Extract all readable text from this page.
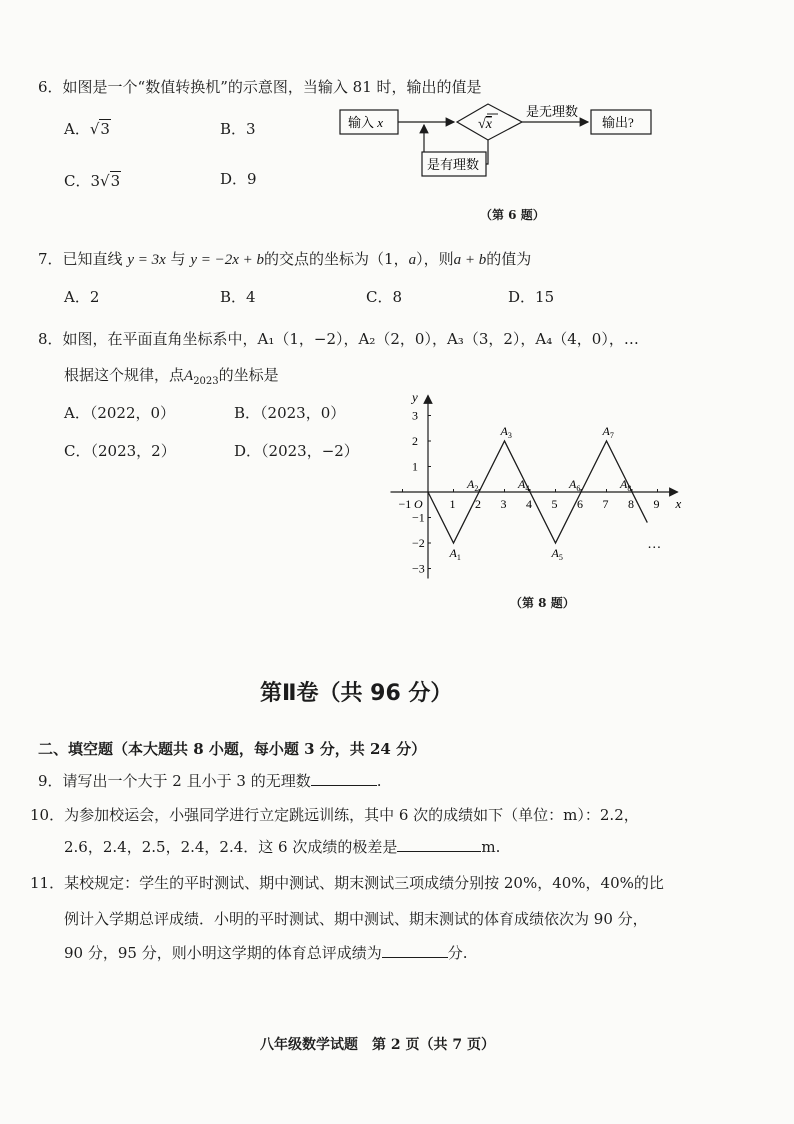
6．如图是一个“数值转换机”的示意图，当输入 81 时，输出的值是
A．√3	B．3
C．3√3	D．9
输入 x	√x
是无理数
输出?
是有理数
（第 6 题）
7．已知直线 y = 3x 与 y = −2x + b的交点的坐标为（1，a），则a + b的值为
A．2	B．4	C．8	D．15
8．如图，在平面直角坐标系中，A₁（1，−2），A₂（2，0），A₃（3，2），A₄（4，0），…
根据这个规律，点$A_{2023}$的坐标是
A．（2022，0）	B．（2023，0）
C．（2023，2）	D．（2023，−2）
x
y
−1 O 1 2 3 4 5 6 7 8 9
3
2
1
−1
−2
−3
$A_1$
$A_2$
$A_3$
$A_4$
$A_5$
$A_6$
$A_7$
$A_8$
…
（第 8 题）
第Ⅱ卷（共 96 分）
二、填空题（本大题共 8 小题，每小题 3 分，共 24 分）
9．请写出一个大于 2 且小于 3 的无理数	.
10．为参加校运会，小强同学进行立定跳远训练，其中 6 次的成绩如下（单位：m）：2.2，
2.6，2.4，2.5，2.4，2.4．这 6 次成绩的极差是	m.
11．某校规定：学生的平时测试、期中测试、期末测试三项成绩分别按 20%，40%，40%的比
例计入学期总评成绩．小明的平时测试、期中测试、期末测试的体育成绩依次为 90 分，
90 分，95 分，则小明这学期的体育总评成绩为	分.
八年级数学试题　第 2 页（共 7 页）
